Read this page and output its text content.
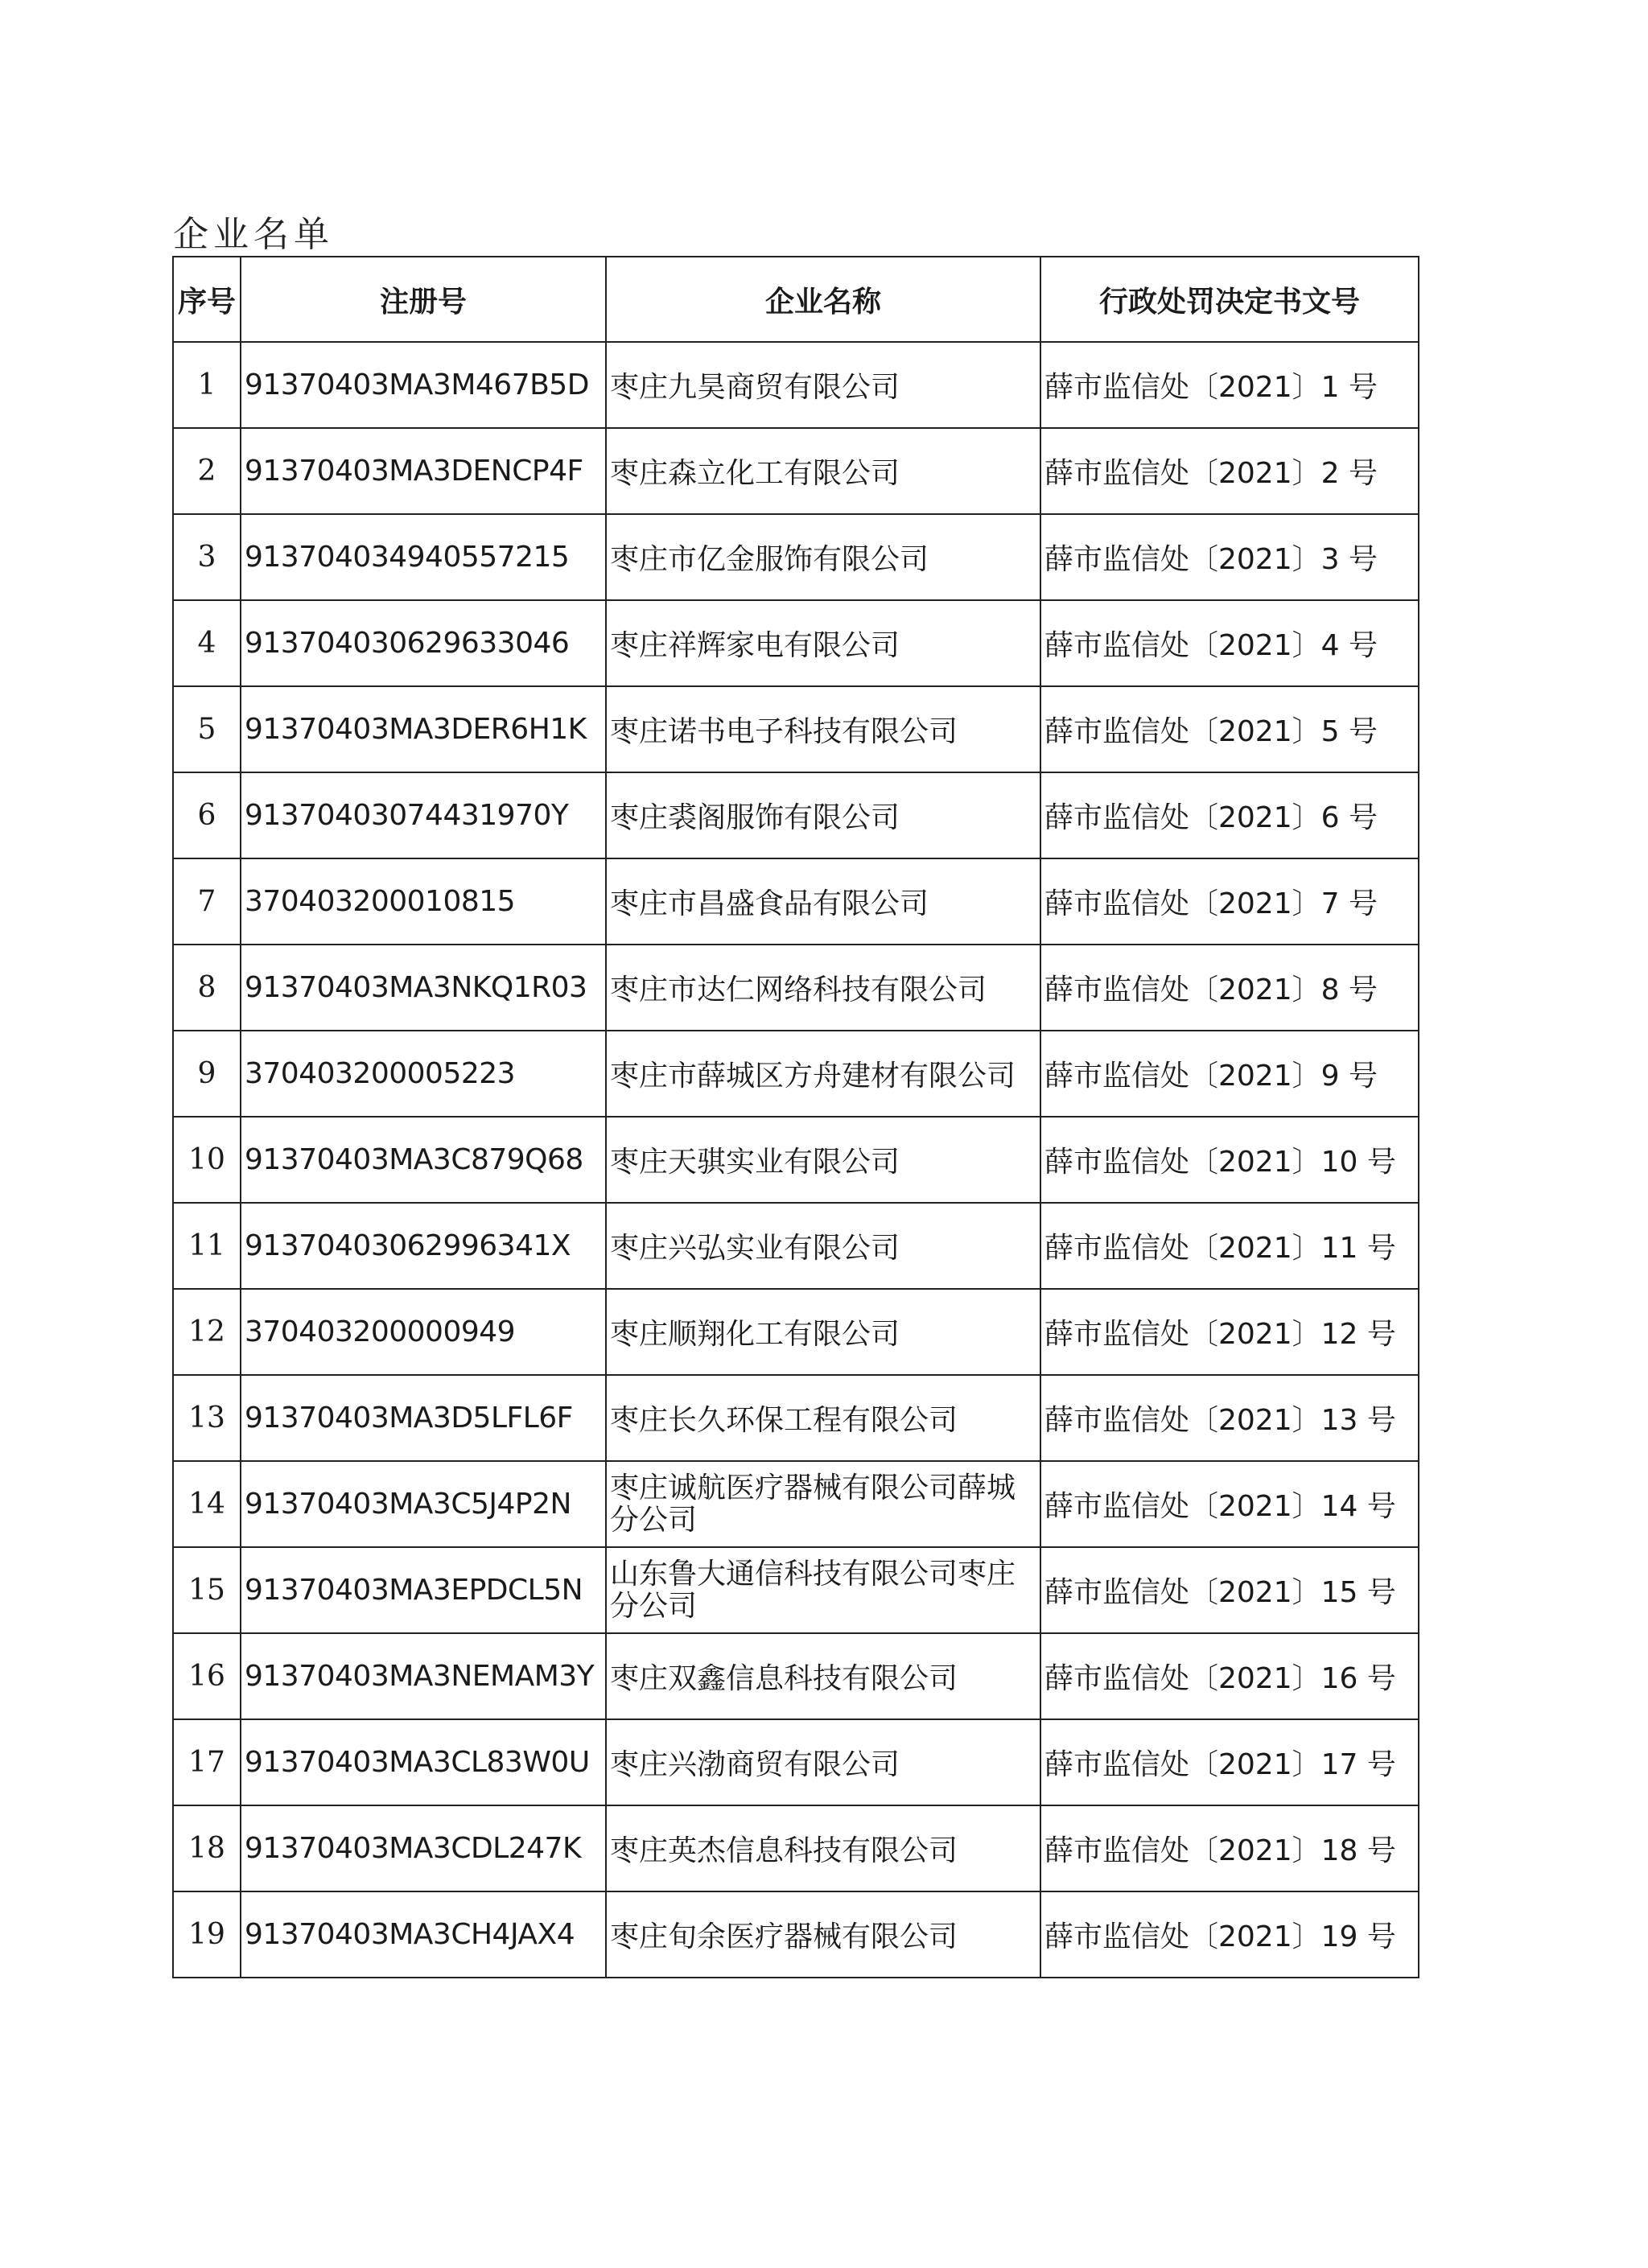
企业名单
序号	注册号	企业名称	行政处罚决定书文号
1	91370403MA3M467B5D	枣庄九昊商贸有限公司	薛市监信处〔2021〕1 号
2	91370403MA3DENCP4F	枣庄森立化工有限公司	薛市监信处〔2021〕2 号
3	913704034940557215	枣庄市亿金服饰有限公司	薛市监信处〔2021〕3 号
4	913704030629633046	枣庄祥辉家电有限公司	薛市监信处〔2021〕4 号
5	91370403MA3DER6H1K	枣庄诺书电子科技有限公司	薛市监信处〔2021〕5 号
6	91370403074431970Y	枣庄裘阁服饰有限公司	薛市监信处〔2021〕6 号
7	370403200010815	枣庄市昌盛食品有限公司	薛市监信处〔2021〕7 号
8	91370403MA3NKQ1R03	枣庄市达仁网络科技有限公司	薛市监信处〔2021〕8 号
9	370403200005223	枣庄市薛城区方舟建材有限公司	薛市监信处〔2021〕9 号
10	91370403MA3C879Q68	枣庄天骐实业有限公司	薛市监信处〔2021〕10 号
11	91370403062996341X	枣庄兴弘实业有限公司	薛市监信处〔2021〕11 号
12	370403200000949	枣庄顺翔化工有限公司	薛市监信处〔2021〕12 号
13	91370403MA3D5LFL6F	枣庄长久环保工程有限公司	薛市监信处〔2021〕13 号
14	91370403MA3C5J4P2N	枣庄诚航医疗器械有限公司薛城分公司	薛市监信处〔2021〕14 号
15	91370403MA3EPDCL5N	山东鲁大通信科技有限公司枣庄分公司	薛市监信处〔2021〕15 号
16	91370403MA3NEMAM3Y	枣庄双鑫信息科技有限公司	薛市监信处〔2021〕16 号
17	91370403MA3CL83W0U	枣庄兴渤商贸有限公司	薛市监信处〔2021〕17 号
18	91370403MA3CDL247K	枣庄英杰信息科技有限公司	薛市监信处〔2021〕18 号
19	91370403MA3CH4JAX4	枣庄旬余医疗器械有限公司	薛市监信处〔2021〕19 号
